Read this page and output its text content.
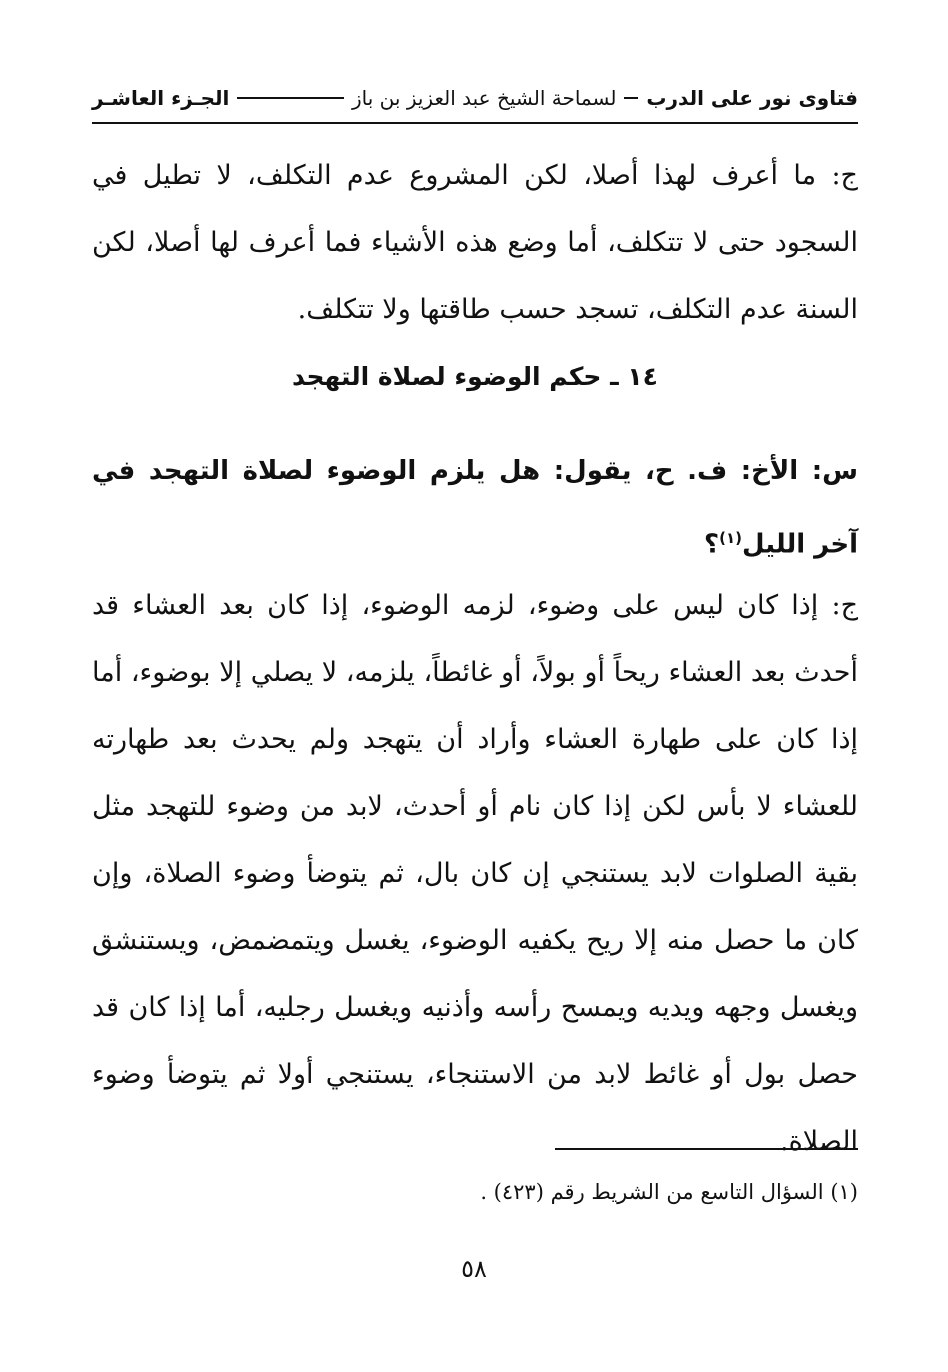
فتاوى نور على الدرب
لسماحة الشيخ عبد العزيز بن باز
الجـزء العاشـر

ج: ما أعرف لهذا أصلا، لكن المشروع عدم التكلف، لا تطيل في السجود حتى لا تتكلف، أما وضع هذه الأشياء فما أعرف لها أصلا، لكن السنة عدم التكلف، تسجد حسب طاقتها ولا تتكلف.

١٤ ـ حكم الوضوء لصلاة التهجد

س: الأخ: ف. ح، يقول: هل يلزم الوضوء لصلاة التهجد في آخر الليل$^{(١)}$؟

ج: إذا كان ليس على وضوء، لزمه الوضوء، إذا كان بعد العشاء قد أحدث بعد العشاء ريحاً أو بولاً، أو غائطاً، يلزمه، لا يصلي إلا بوضوء، أما إذا كان على طهارة العشاء وأراد أن يتهجد ولم يحدث بعد طهارته للعشاء لا بأس لكن إذا كان نام أو أحدث، لابد من وضوء للتهجد مثل بقية الصلوات لابد يستنجي إن كان بال، ثم يتوضأ وضوء الصلاة، وإن كان ما حصل منه إلا ريح يكفيه الوضوء، يغسل ويتمضمض، ويستنشق ويغسل وجهه ويديه ويمسح رأسه وأذنيه ويغسل رجليه، أما إذا كان قد حصل بول أو غائط لابد من الاستنجاء، يستنجي أولا ثم يتوضأ وضوء الصلاة.

(١) السؤال التاسع من الشريط رقم (٤٢٣) .
٥٨
